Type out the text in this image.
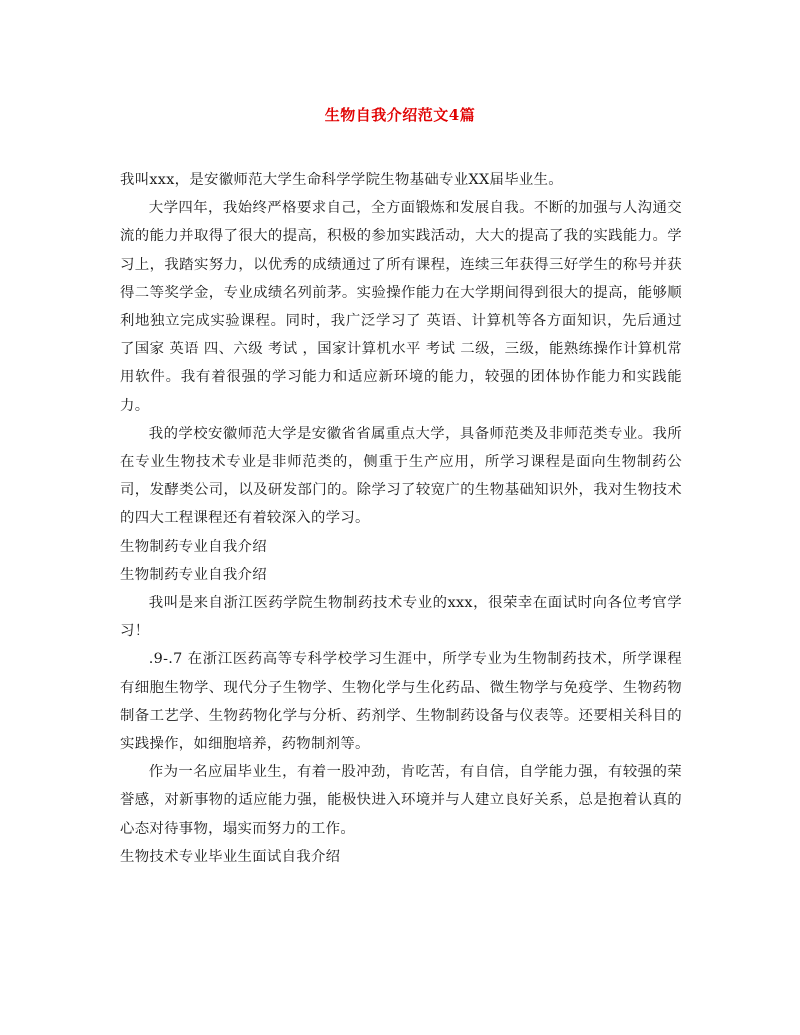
生物自我介绍范文4篇

我叫xxx，是安徽师范大学生命科学学院生物基础专业XX届毕业生。

大学四年，我始终严格要求自己，全方面锻炼和发展自我。不断的加强与人沟通交流的能力并取得了很大的提高，积极的参加实践活动，大大的提高了我的实践能力。学习上，我踏实努力，以优秀的成绩通过了所有课程，连续三年获得三好学生的称号并获得二等奖学金，专业成绩名列前茅。实验操作能力在大学期间得到很大的提高，能够顺利地独立完成实验课程。同时，我广泛学习了 英语、计算机等各方面知识，先后通过了国家 英语 四、六级 考试 ，国家计算机水平 考试 二级，三级，能熟练操作计算机常用软件。我有着很强的学习能力和适应新环境的能力，较强的团体协作能力和实践能力。

我的学校安徽师范大学是安徽省省属重点大学，具备师范类及非师范类专业。我所在专业生物技术专业是非师范类的，侧重于生产应用，所学习课程是面向生物制药公司，发酵类公司，以及研发部门的。除学习了较宽广的生物基础知识外，我对生物技术的四大工程课程还有着较深入的学习。

生物制药专业自我介绍

生物制药专业自我介绍

我叫是来自浙江医药学院生物制药技术专业的xxx，很荣幸在面试时向各位考官学习！

.9-.7 在浙江医药高等专科学校学习生涯中，所学专业为生物制药技术，所学课程有细胞生物学、现代分子生物学、生物化学与生化药品、微生物学与免疫学、生物药物制备工艺学、生物药物化学与分析、药剂学、生物制药设备与仪表等。还要相关科目的实践操作，如细胞培养，药物制剂等。

作为一名应届毕业生，有着一股冲劲，肯吃苦，有自信，自学能力强，有较强的荣誉感，对新事物的适应能力强，能极快进入环境并与人建立良好关系，总是抱着认真的心态对待事物，塌实而努力的工作。

生物技术专业毕业生面试自我介绍
